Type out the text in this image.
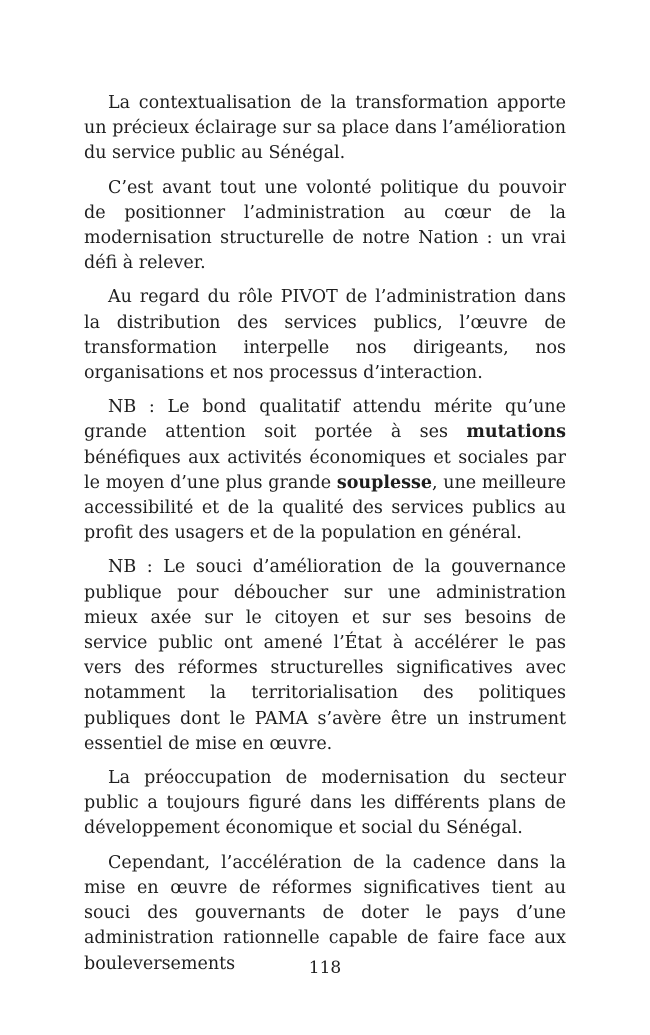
La contextualisation de la transformation apporte un précieux éclairage sur sa place dans l’amélioration du service public au Sénégal.

C’est avant tout une volonté politique du pouvoir de positionner l’administration au cœur de la modernisation structurelle de notre Nation : un vrai défi à relever.

Au regard du rôle PIVOT de l’administration dans la distribution des services publics, l’œuvre de transformation interpelle nos dirigeants, nos organisations et nos processus d’interaction.

NB : Le bond qualitatif attendu mérite qu’une grande attention soit portée à ses mutations bénéfiques aux activités économiques et sociales par le moyen d’une plus grande souplesse, une meilleure accessibilité et de la qualité des services publics au profit des usagers et de la population en général.

NB : Le souci d’amélioration de la gouvernance publique pour déboucher sur une administration mieux axée sur le citoyen et sur ses besoins de service public ont amené l’État à accélérer le pas vers des réformes structurelles significatives avec notamment la territorialisation des politiques publiques dont le PAMA s’avère être un instrument essentiel de mise en œuvre.

La préoccupation de modernisation du secteur public a toujours figuré dans les différents plans de développement économique et social du Sénégal.

Cependant, l’accélération de la cadence dans la mise en œuvre de réformes significatives tient au souci des gouvernants de doter le pays d’une administration rationnelle capable de faire face aux bouleversements	118
